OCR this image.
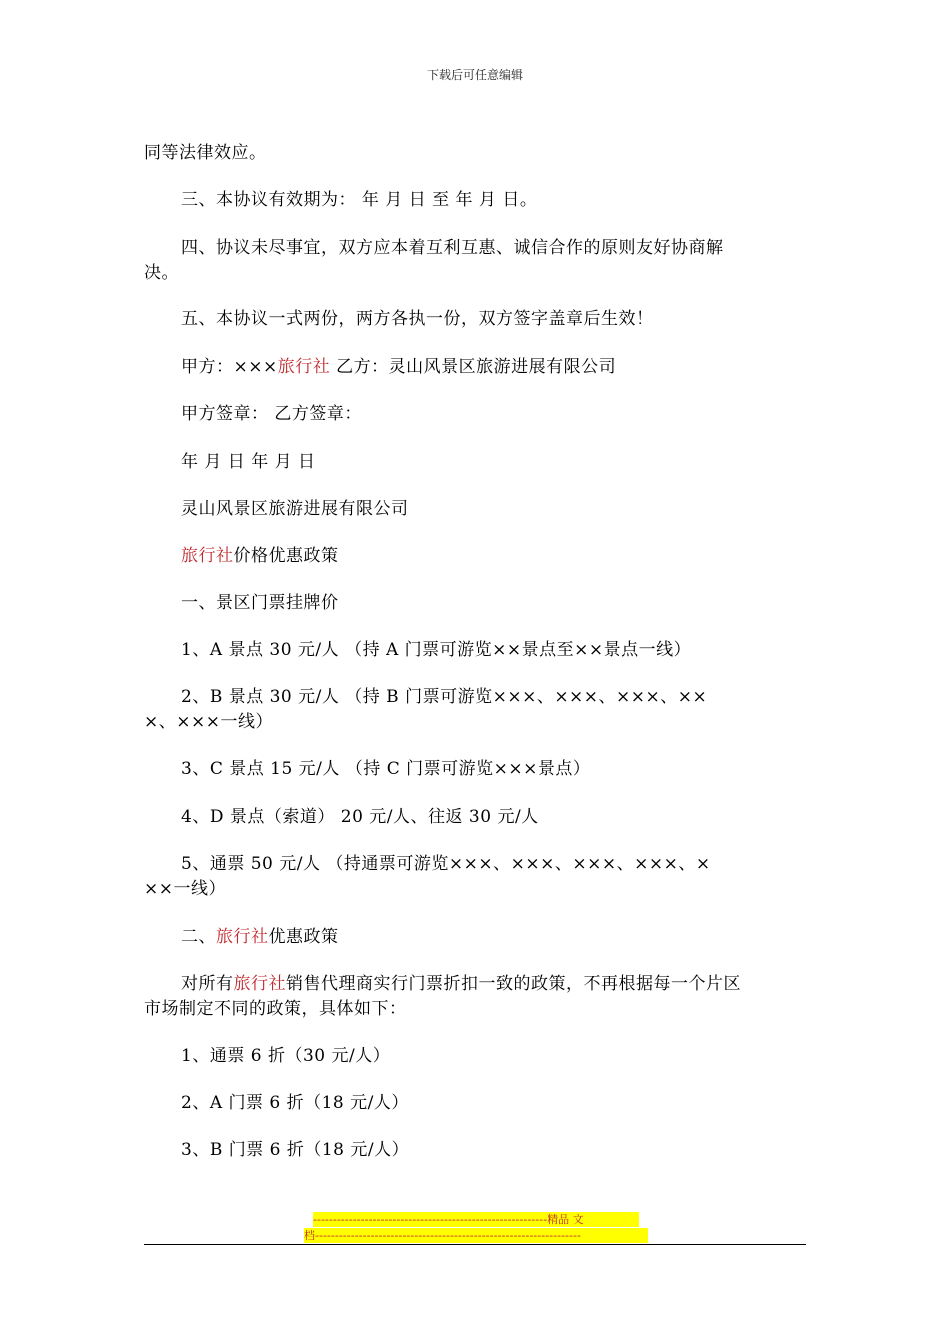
下载后可任意编辑
同等法律效应。
三、本协议有效期为： 年 月 日 至 年 月 日。
四、协议未尽事宜，双方应本着互利互惠、诚信合作的原则友好协商解
决。
五、本协议一式两份，两方各执一份，双方签字盖章后生效！
甲方：×××旅行社 乙方：灵山风景区旅游进展有限公司
甲方签章： 乙方签章：
年 月 日 年 月 日
灵山风景区旅游进展有限公司
旅行社价格优惠政策
一、景区门票挂牌价
1、A 景点 30 元/人 （持 A 门票可游览××景点至××景点一线）
2、B 景点 30 元/人 （持 B 门票可游览×××、×××、×××、××
×、×××一线）
3、C 景点 15 元/人 （持 C 门票可游览×××景点）
4、D 景点（索道） 20 元/人、往返 30 元/人
5、通票 50 元/人 （持通票可游览×××、×××、×××、×××、×
××一线）
二、旅行社优惠政策
对所有旅行社销售代理商实行门票折扣一致的政策，不再根据每一个片区
市场制定不同的政策，具体如下：
1、通票 6 折（30 元/人）
2、A 门票 6 折（18 元/人）
3、B 门票 6 折（18 元/人）
-----------------------------------------------------------精品 文
档-------------------------------------------------------------------
